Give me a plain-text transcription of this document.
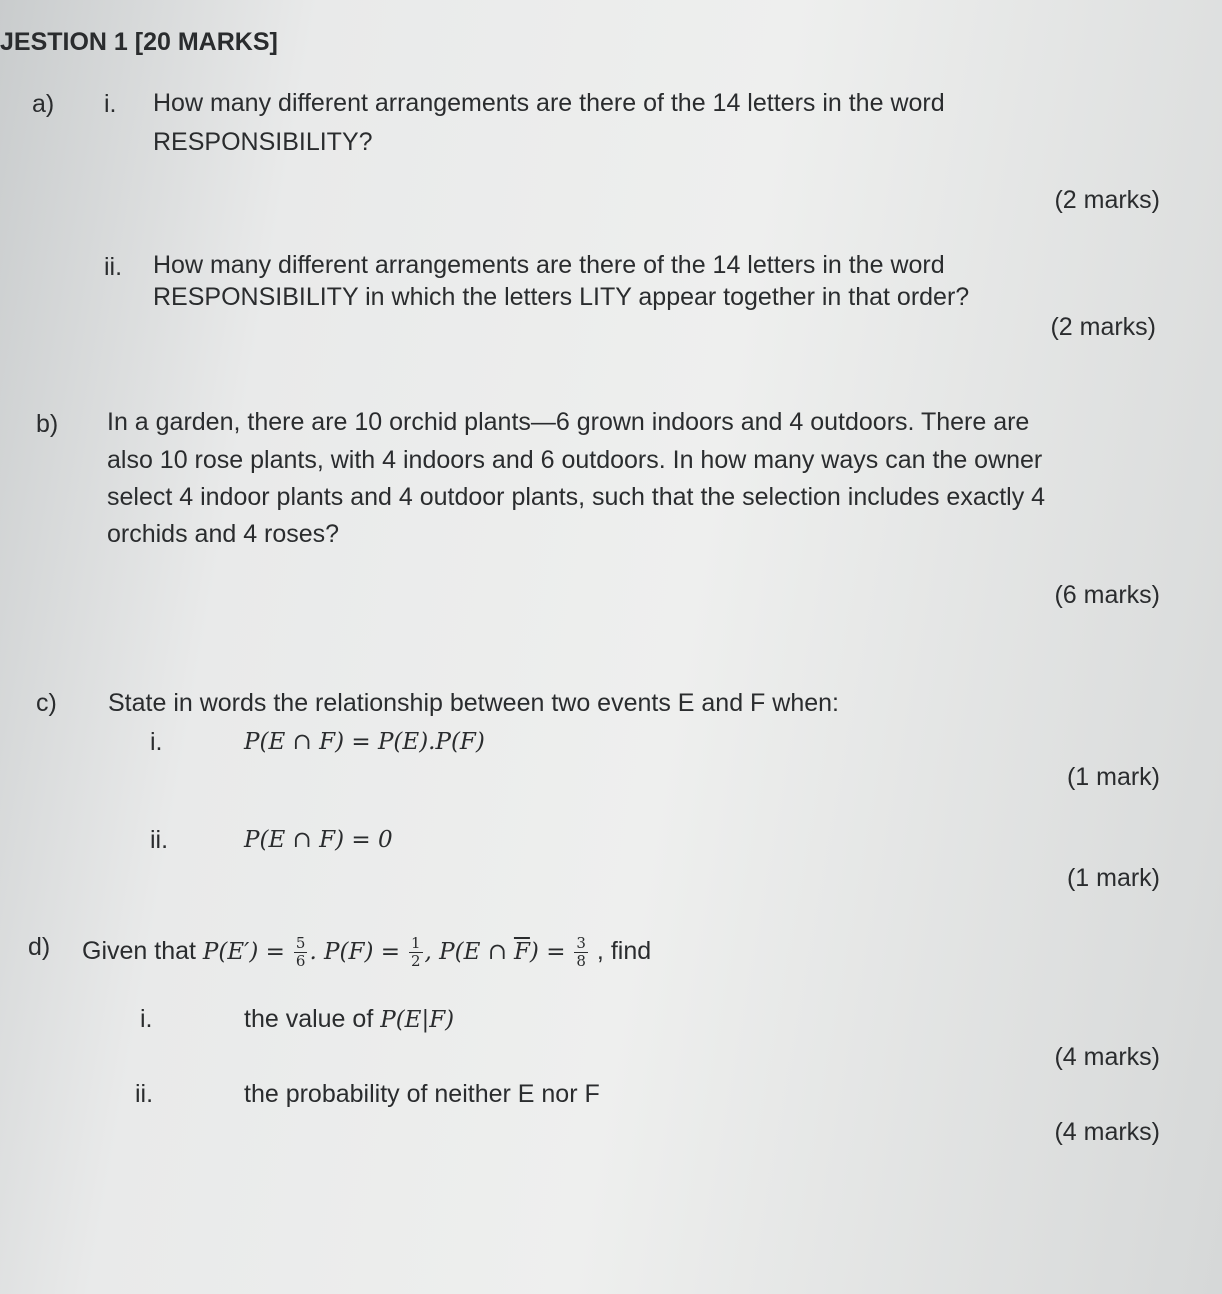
JESTION 1 [20 MARKS]
a) i. How many different arrangements are there of the 14 letters in the word
RESPONSIBILITY?
(2 marks)
ii. How many different arrangements are there of the 14 letters in the word
RESPONSIBILITY in which the letters LITY appear together in that order?
(2 marks)
b) In a garden, there are 10 orchid plants—6 grown indoors and 4 outdoors. There are
also 10 rose plants, with 4 indoors and 6 outdoors. In how many ways can the owner
select 4 indoor plants and 4 outdoor plants, such that the selection includes exactly 4
orchids and 4 roses?
(6 marks)
c) State in words the relationship between two events E and F when:
i.	P(E ∩ F) = P(E).P(F)
(1 mark)
ii.	P(E ∩ F) = 0
(1 mark)
d) Given that $P(E') = \frac{5}{6}$ . $P(F) = \frac{1}{2}$ , P(E ∩ $\overline{F}) = \frac{3}{8}$ , find
i.	the value of P(E|F)
(4 marks)
ii.	the probability of neither E nor F
(4 marks)
